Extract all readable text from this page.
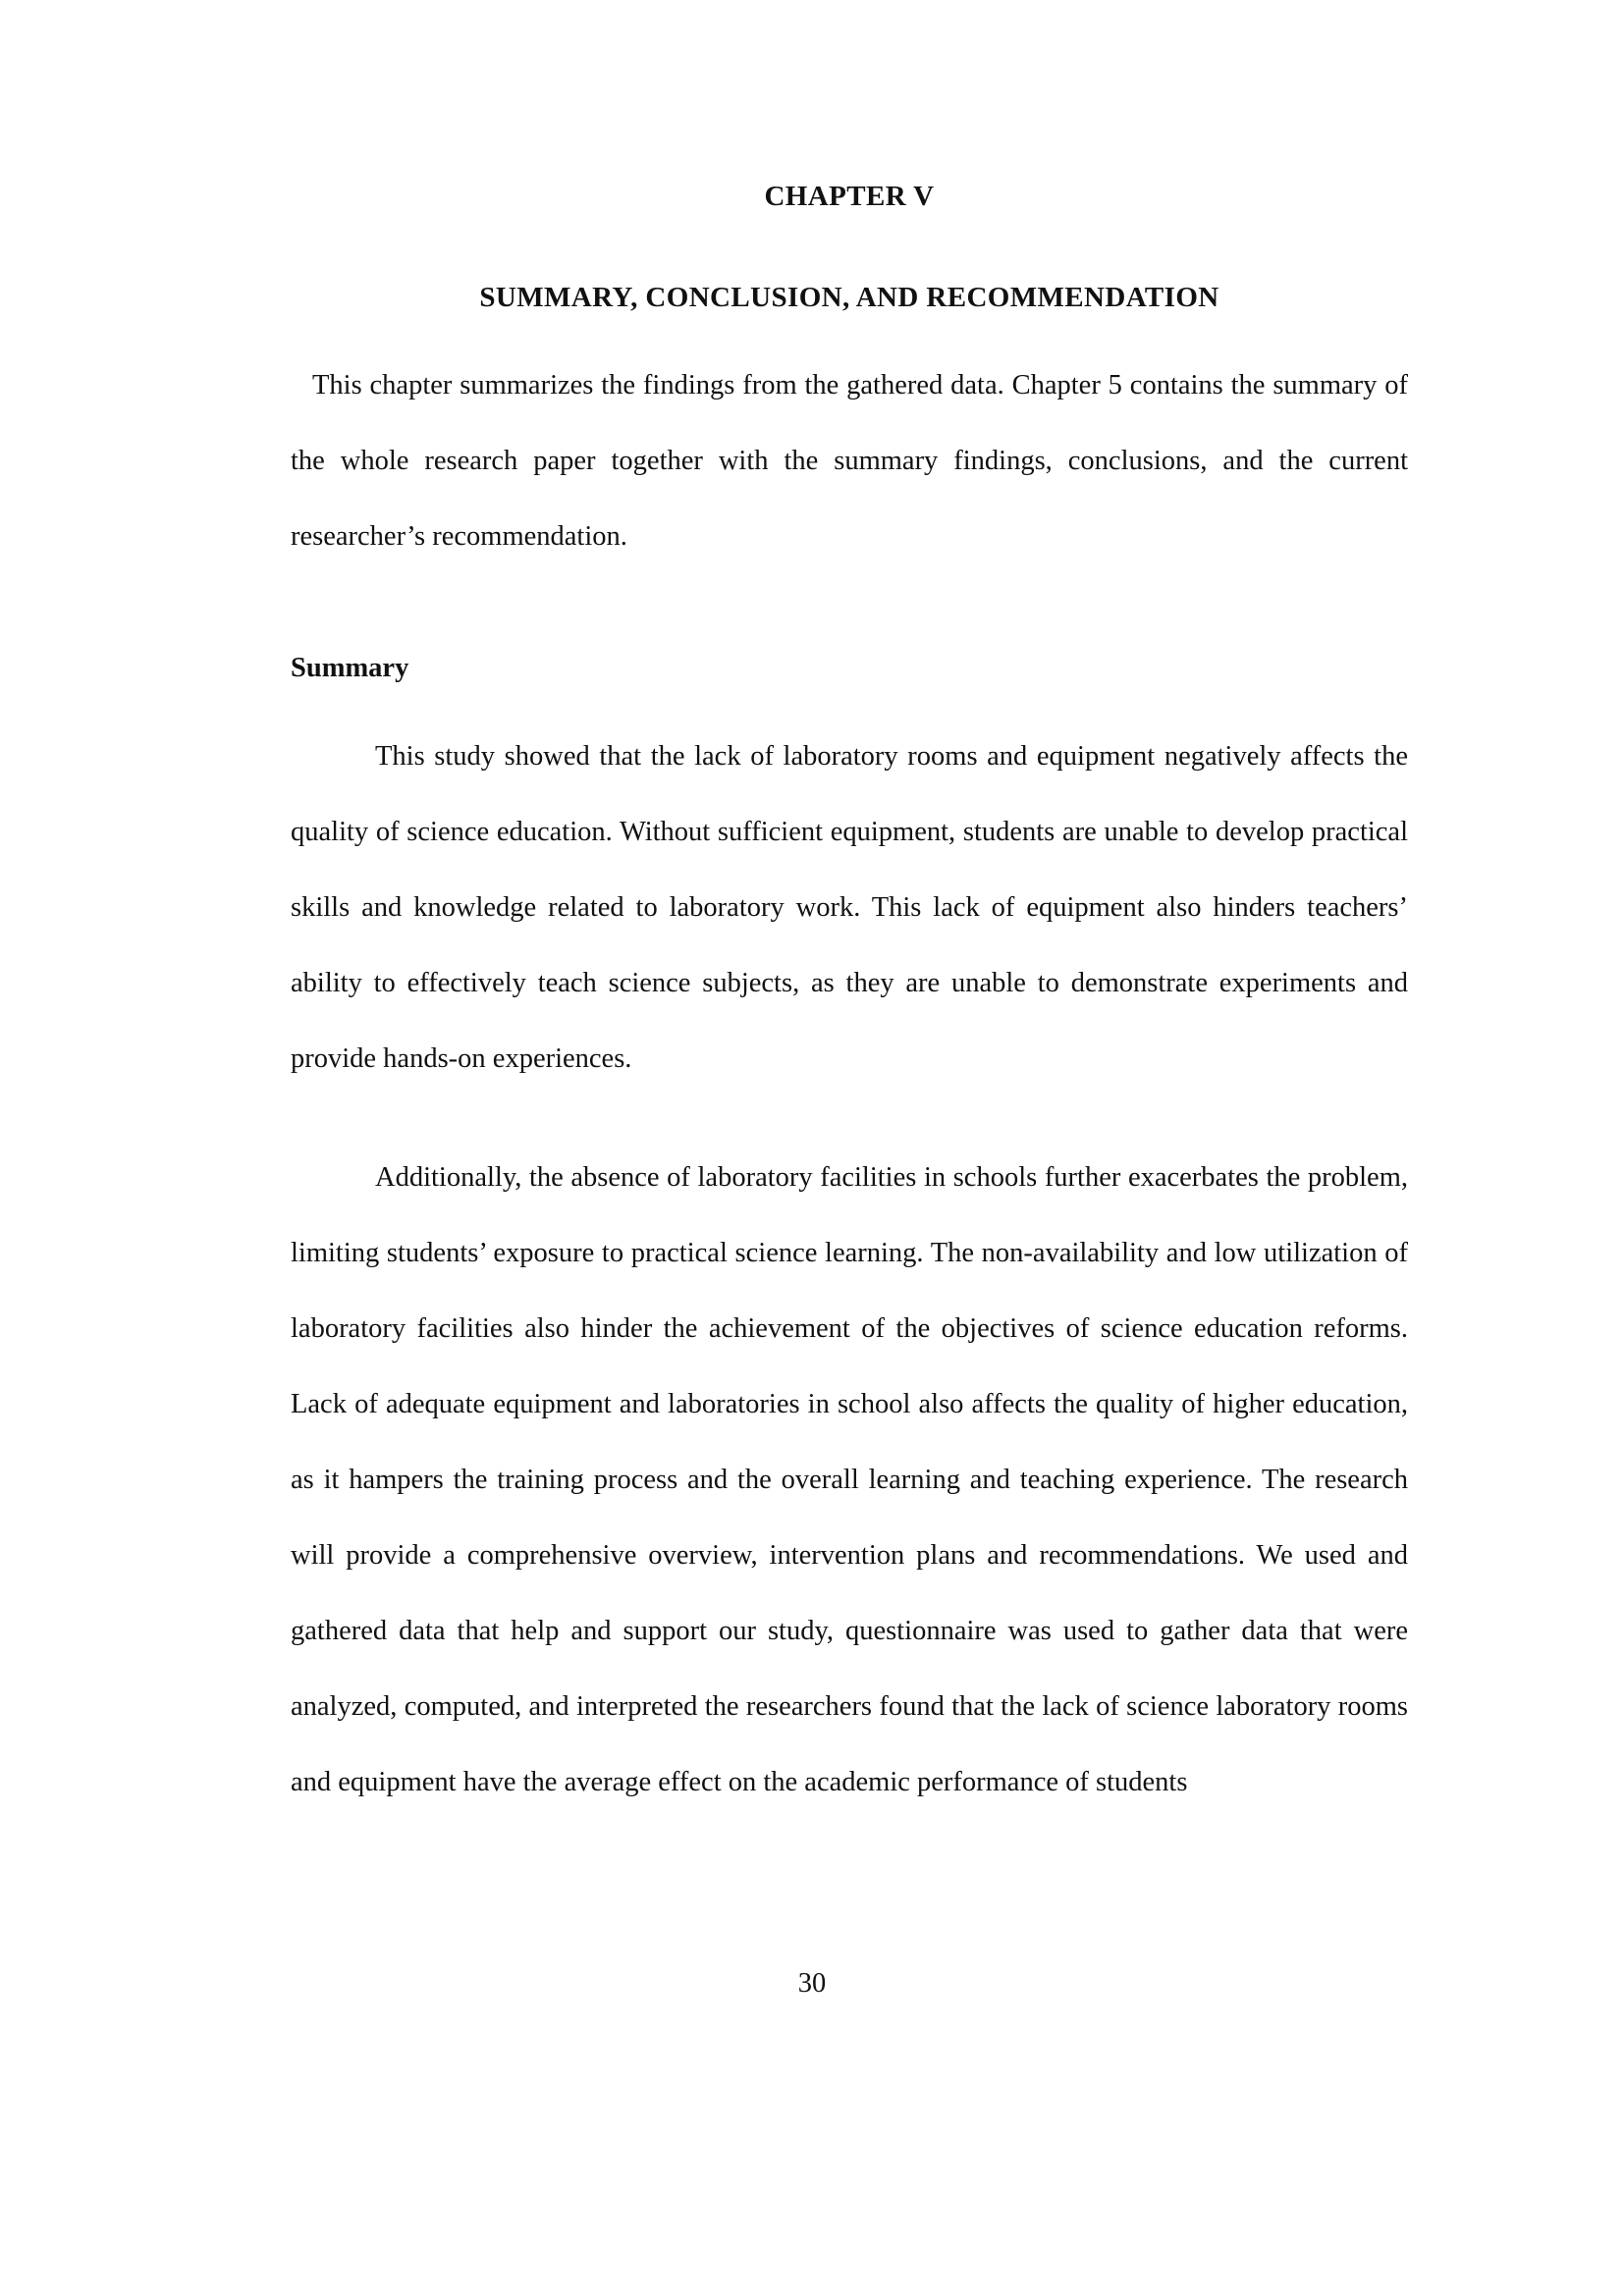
CHAPTER V
SUMMARY, CONCLUSION, AND RECOMMENDATION

This chapter summarizes the findings from the gathered data. Chapter 5 contains the summary of the whole research paper together with the summary findings, conclusions, and the current researcher’s recommendation.

Summary

This study showed that the lack of laboratory rooms and equipment negatively affects the quality of science education. Without sufficient equipment, students are unable to develop practical skills and knowledge related to laboratory work. This lack of equipment also hinders teachers’ ability to effectively teach science subjects, as they are unable to demonstrate experiments and provide hands-on experiences.

Additionally, the absence of laboratory facilities in schools further exacerbates the problem, limiting students’ exposure to practical science learning. The non-availability and low utilization of laboratory facilities also hinder the achievement of the objectives of science education reforms. Lack of adequate equipment and laboratories in school also affects the quality of higher education, as it hampers the training process and the overall learning and teaching experience. The research will provide a comprehensive overview, intervention plans and recommendations. We used and gathered data that help and support our study, questionnaire was used to gather data that were analyzed, computed, and interpreted the researchers found that the lack of science laboratory rooms and equipment have the average effect on the academic performance of students

30
